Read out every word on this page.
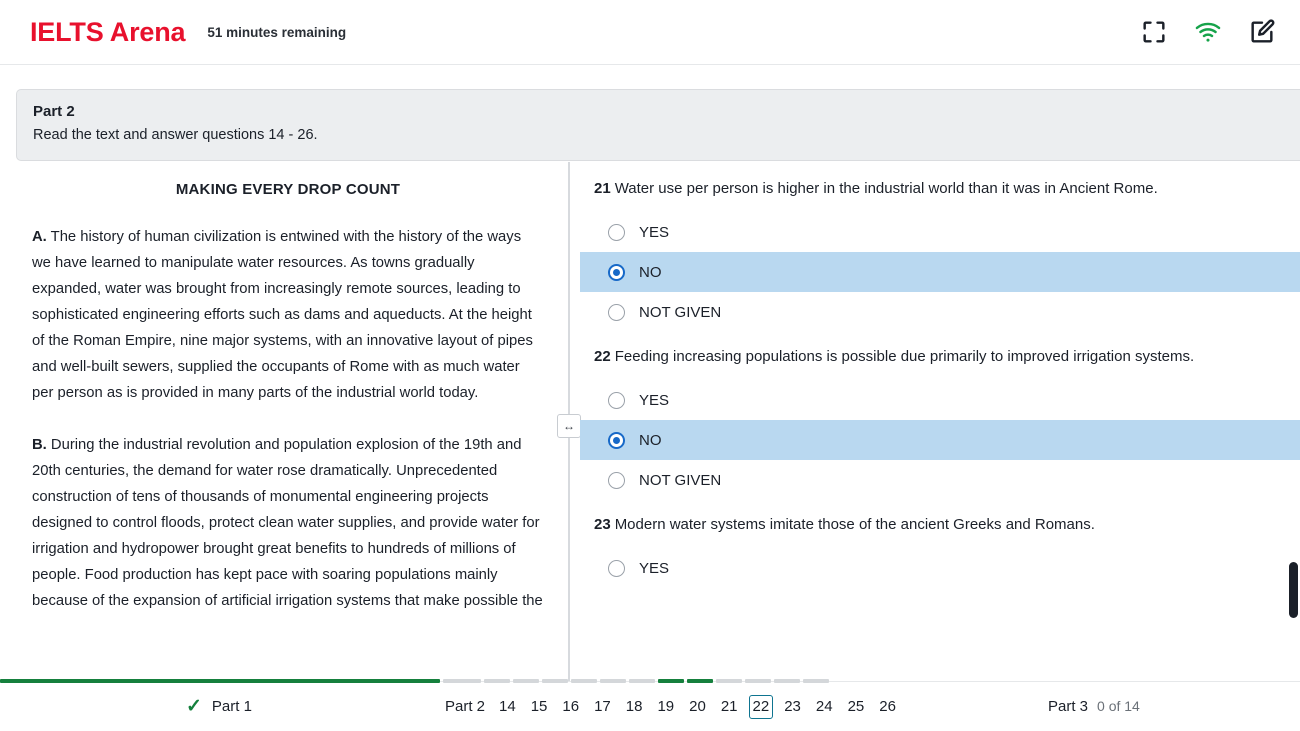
IELTS Arena 51 minutes remaining
Part 2
Read the text and answer questions 14 - 26.
MAKING EVERY DROP COUNT
A. The history of human civilization is entwined with the history of the ways we have learned to manipulate water resources. As towns gradually expanded, water was brought from increasingly remote sources, leading to sophisticated engineering efforts such as dams and aqueducts. At the height of the Roman Empire, nine major systems, with an innovative layout of pipes and well-built sewers, supplied the occupants of Rome with as much water per person as is provided in many parts of the industrial world today.
B. During the industrial revolution and population explosion of the 19th and 20th centuries, the demand for water rose dramatically. Unprecedented construction of tens of thousands of monumental engineering projects designed to control floods, protect clean water supplies, and provide water for irrigation and hydropower brought great benefits to hundreds of millions of people. Food production has kept pace with soaring populations mainly because of the expansion of artificial irrigation systems that make possible the
↔
21 Water use per person is higher in the industrial world than it was in Ancient Rome.
YES
NO
NOT GIVEN
22 Feeding increasing populations is possible due primarily to improved irrigation systems.
YES
NO
NOT GIVEN
23 Modern water systems imitate those of the ancient Greeks and Romans.
YES
✓ Part 1	Part 2 14 15 16 17 18 19 20 21 22 23 24 25 26	Part 3 0 of 14
